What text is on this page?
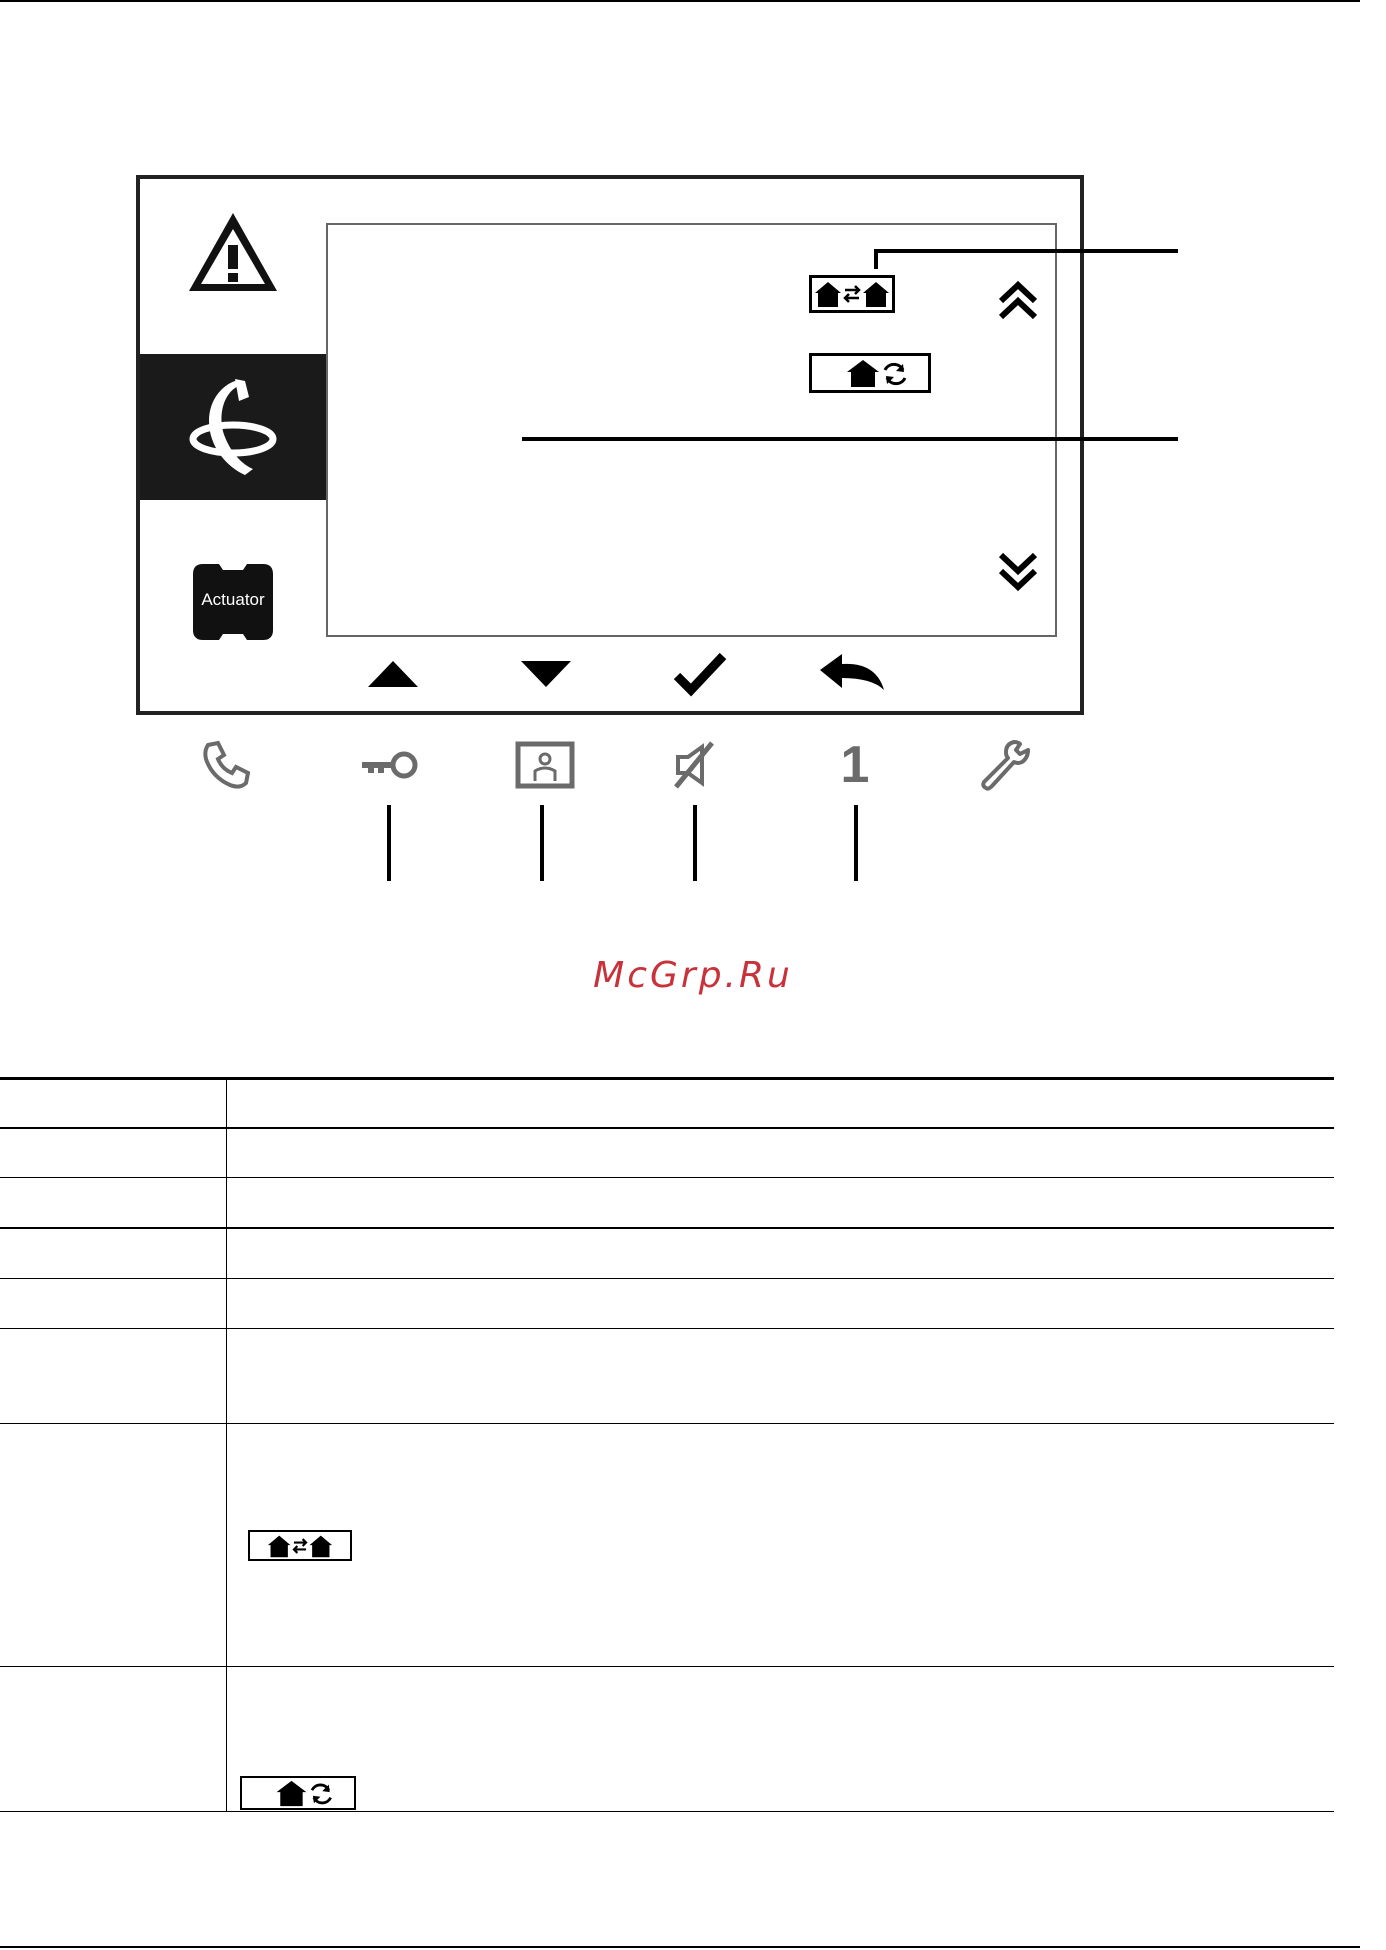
Actuator
1
McGrp.Ru
